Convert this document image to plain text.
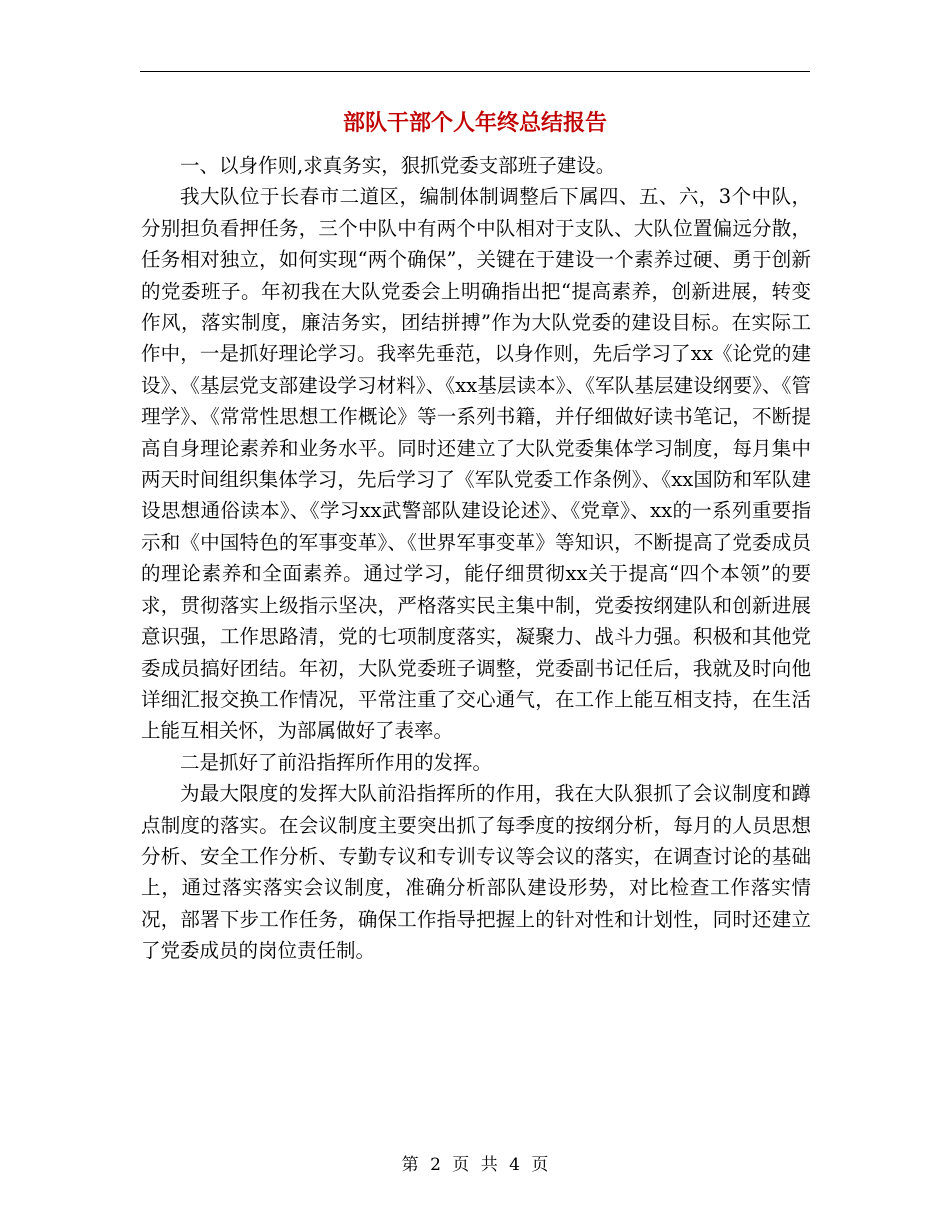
部队干部个人年终总结报告

一、以身作则,求真务实，狠抓党委支部班子建设。

我大队位于长春市二道区，编制体制调整后下属四、五、六，3个中队，分别担负看押任务，三个中队中有两个中队相对于支队、大队位置偏远分散，任务相对独立，如何实现“两个确保”，关键在于建设一个素养过硬、勇于创新的党委班子。年初我在大队党委会上明确指出把“提高素养，创新进展，转变作风，落实制度，廉洁务实，团结拼搏”作为大队党委的建设目标。在实际工作中，一是抓好理论学习。我率先垂范，以身作则，先后学习了xx《论党的建设》、《基层党支部建设学习材料》、《xx基层读本》、《军队基层建设纲要》、《管理学》、《常常性思想工作概论》等一系列书籍，并仔细做好读书笔记，不断提高自身理论素养和业务水平。同时还建立了大队党委集体学习制度，每月集中两天时间组织集体学习，先后学习了《军队党委工作条例》、《xx国防和军队建设思想通俗读本》、《学习xx武警部队建设论述》、《党章》、xx的一系列重要指示和《中国特色的军事变革》、《世界军事变革》等知识，不断提高了党委成员的理论素养和全面素养。通过学习，能仔细贯彻xx关于提高“四个本领”的要求，贯彻落实上级指示坚决，严格落实民主集中制，党委按纲建队和创新进展意识强，工作思路清，党的七项制度落实，凝聚力、战斗力强。积极和其他党委成员搞好团结。年初，大队党委班子调整，党委副书记任后，我就及时向他详细汇报交换工作情况，平常注重了交心通气，在工作上能互相支持，在生活上能互相关怀，为部属做好了表率。

二是抓好了前沿指挥所作用的发挥。

为最大限度的发挥大队前沿指挥所的作用，我在大队狠抓了会议制度和蹲点制度的落实。在会议制度主要突出抓了每季度的按纲分析，每月的人员思想分析、安全工作分析、专勤专议和专训专议等会议的落实，在调查讨论的基础上，通过落实落实会议制度，准确分析部队建设形势，对比检查工作落实情况，部署下步工作任务，确保工作指导把握上的针对性和计划性，同时还建立了党委成员的岗位责任制。

第 2 页 共 4 页
